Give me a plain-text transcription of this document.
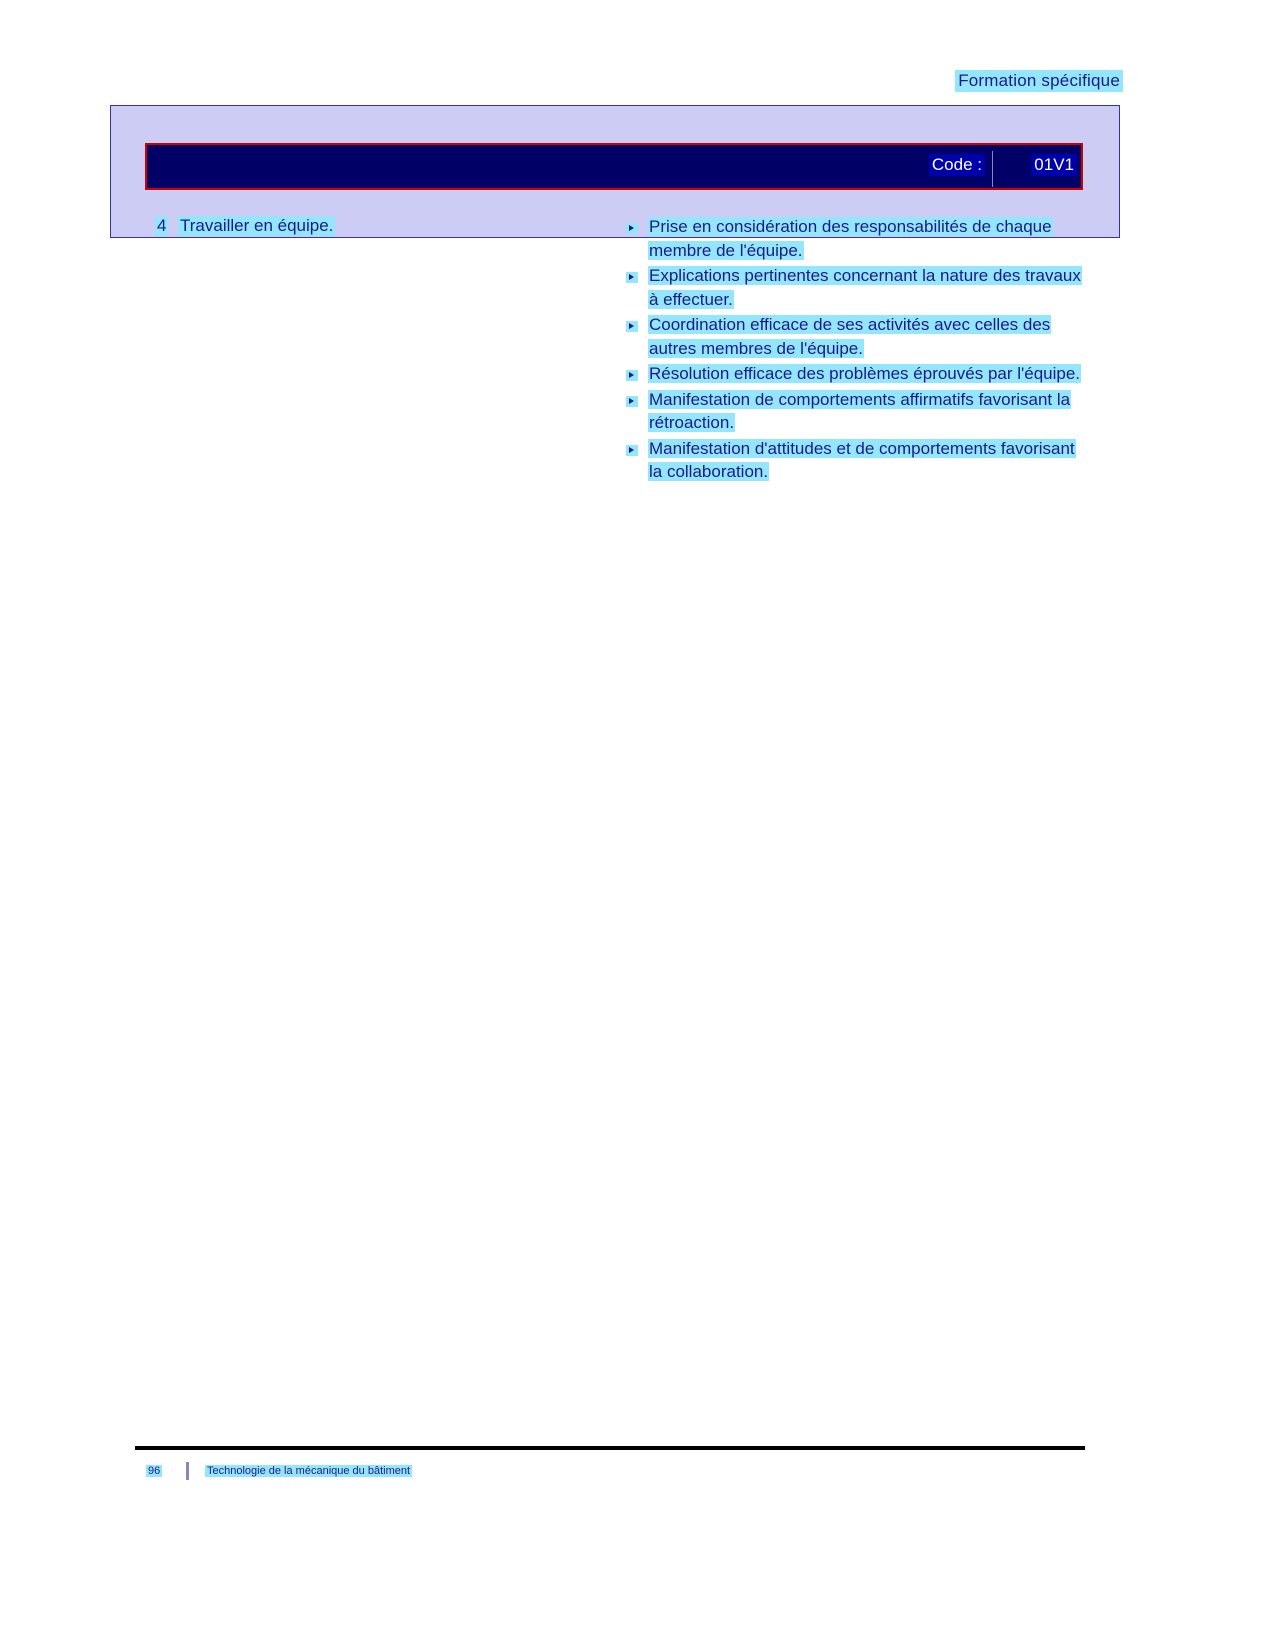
Formation spécifique
Code :	01V1
4 Travailler en équipe.	Prise en considération des responsabilités de chaque membre de l'équipe.
Explications pertinentes concernant la nature des travaux à effectuer.
Coordination efficace de ses activités avec celles des autres membres de l'équipe.
Résolution efficace des problèmes éprouvés par l'équipe.
Manifestation de comportements affirmatifs favorisant la rétroaction.
Manifestation d'attitudes et de comportements favorisant la collaboration.
96	Technologie de la mécanique du bâtiment
